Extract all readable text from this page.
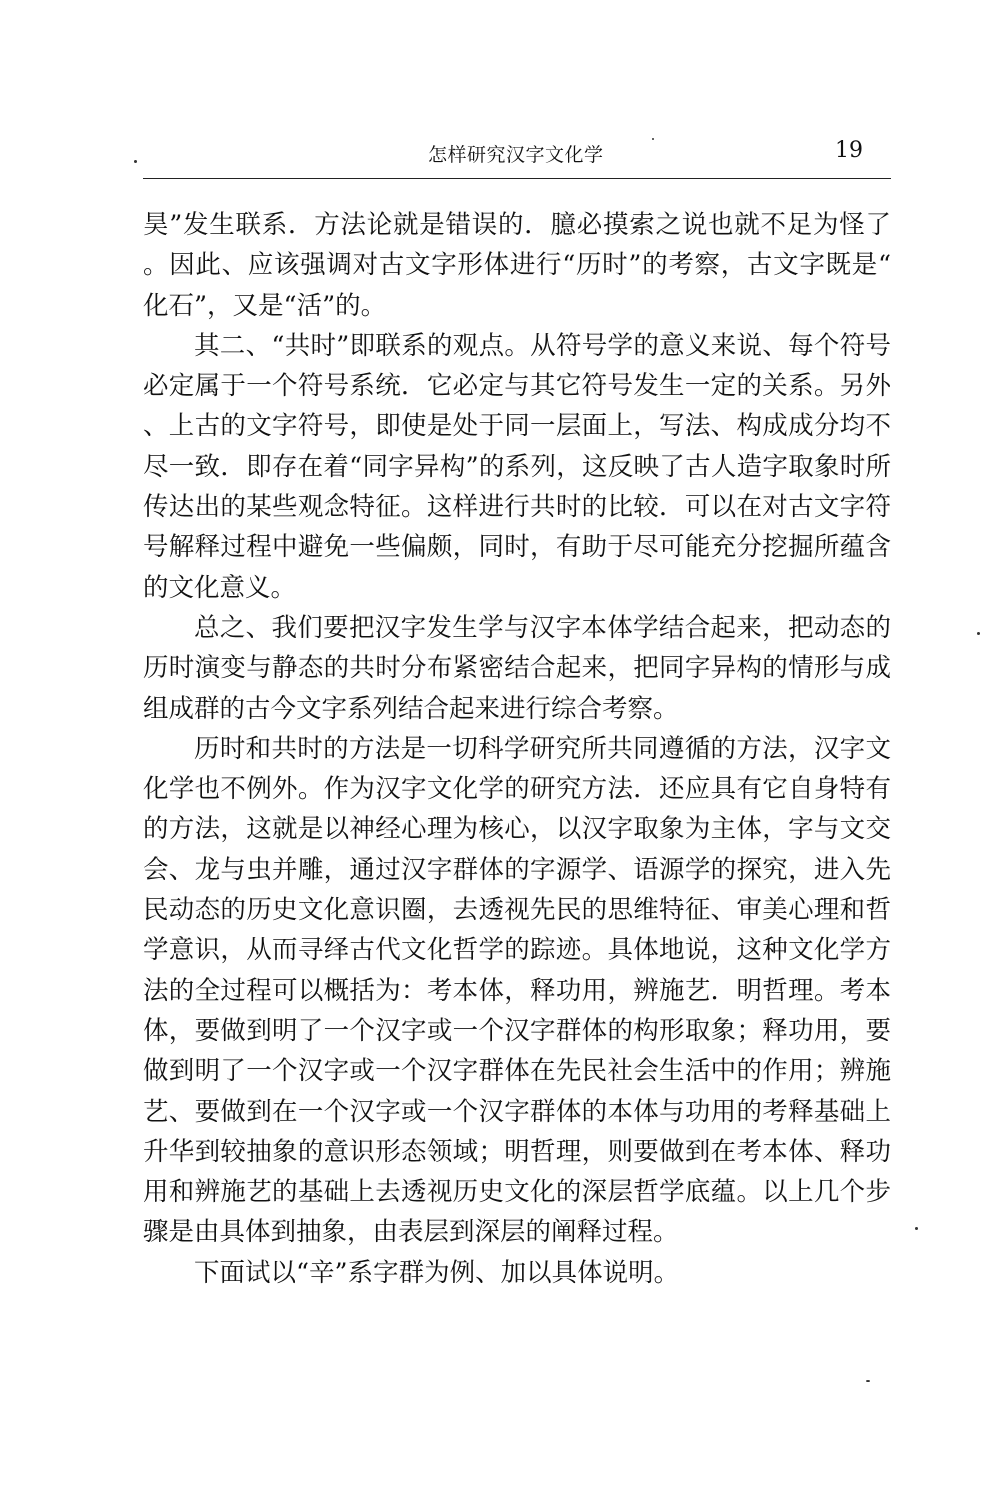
怎样研究汉字文化学	19

昊”发生联系．方法论就是错误的．臆必摸索之说也就不足为怪了。因此、应该强调对古文字形体进行“历时”的考察，古文字既是“化石”，又是“活”的。

其二、“共时”即联系的观点。从符号学的意义来说、每个符号必定属于一个符号系统．它必定与其它符号发生一定的关系。另外、上古的文字符号，即使是处于同一层面上，写法、构成成分均不尽一致．即存在着“同字异构”的系列，这反映了古人造字取象时所传达出的某些观念特征。这样进行共时的比较．可以在对古文字符号解释过程中避免一些偏颇，同时，有助于尽可能充分挖掘所蕴含的文化意义。

总之、我们要把汉字发生学与汉字本体学结合起来，把动态的历时演变与静态的共时分布紧密结合起来，把同字异构的情形与成组成群的古今文字系列结合起来进行综合考察。

历时和共时的方法是一切科学研究所共同遵循的方法，汉字文化学也不例外。作为汉字文化学的研究方法．还应具有它自身特有的方法，这就是以神经心理为核心，以汉字取象为主体，字与文交会、龙与虫并雕，通过汉字群体的字源学、语源学的探究，进入先民动态的历史文化意识圈，去透视先民的思维特征、审美心理和哲学意识，从而寻绎古代文化哲学的踪迹。具体地说，这种文化学方法的全过程可以概括为：考本体，释功用，辨施艺．明哲理。考本体，要做到明了一个汉字或一个汉字群体的构形取象；释功用，要做到明了一个汉字或一个汉字群体在先民社会生活中的作用；辨施艺、要做到在一个汉字或一个汉字群体的本体与功用的考释基础上升华到较抽象的意识形态领域；明哲理，则要做到在考本体、释功用和辨施艺的基础上去透视历史文化的深层哲学底蕴。以上几个步骤是由具体到抽象，由表层到深层的阐释过程。

下面试以“辛”系字群为例、加以具体说明。
